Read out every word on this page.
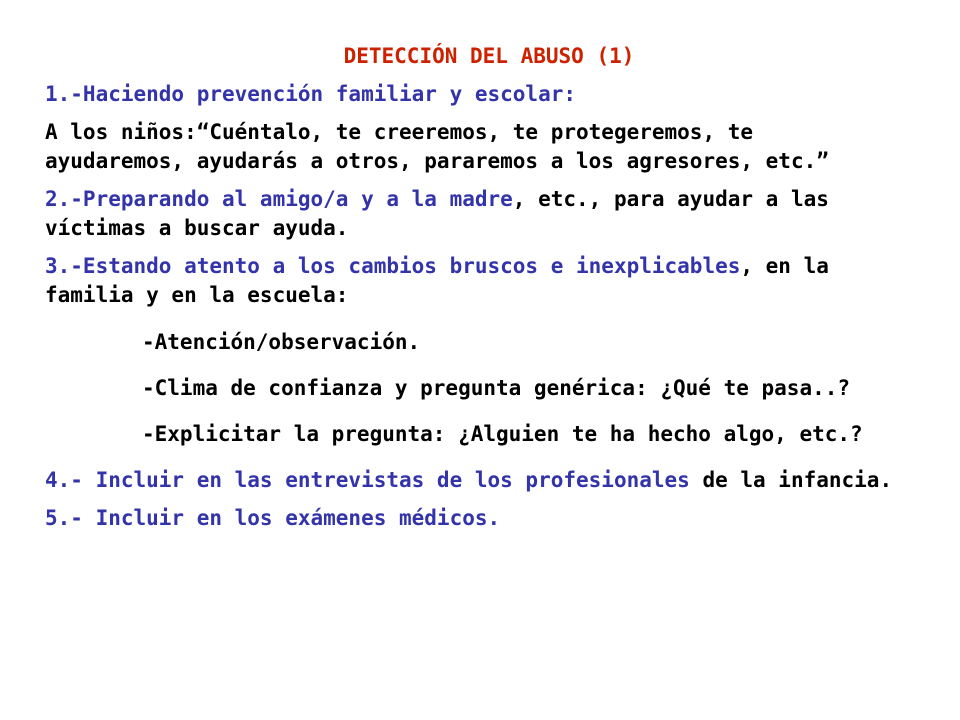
DETECCIÓN DEL ABUSO (1)
1.-Haciendo prevención familiar y escolar:
A los niños:“Cuéntalo, te creeremos, te protegeremos, te
ayudaremos, ayudarás a otros, pararemos a los agresores, etc.”
2.-Preparando al amigo/a y a la madre, etc., para ayudar a las
víctimas a buscar ayuda.
3.-Estando atento a los cambios bruscos e inexplicables, en la
familia y en la escuela:
-Atención/observación.
-Clima de confianza y pregunta genérica: ¿Qué te pasa..?
-Explicitar la pregunta: ¿Alguien te ha hecho algo, etc.?
4.- Incluir en las entrevistas de los profesionales de la infancia.
5.- Incluir en los exámenes médicos.
